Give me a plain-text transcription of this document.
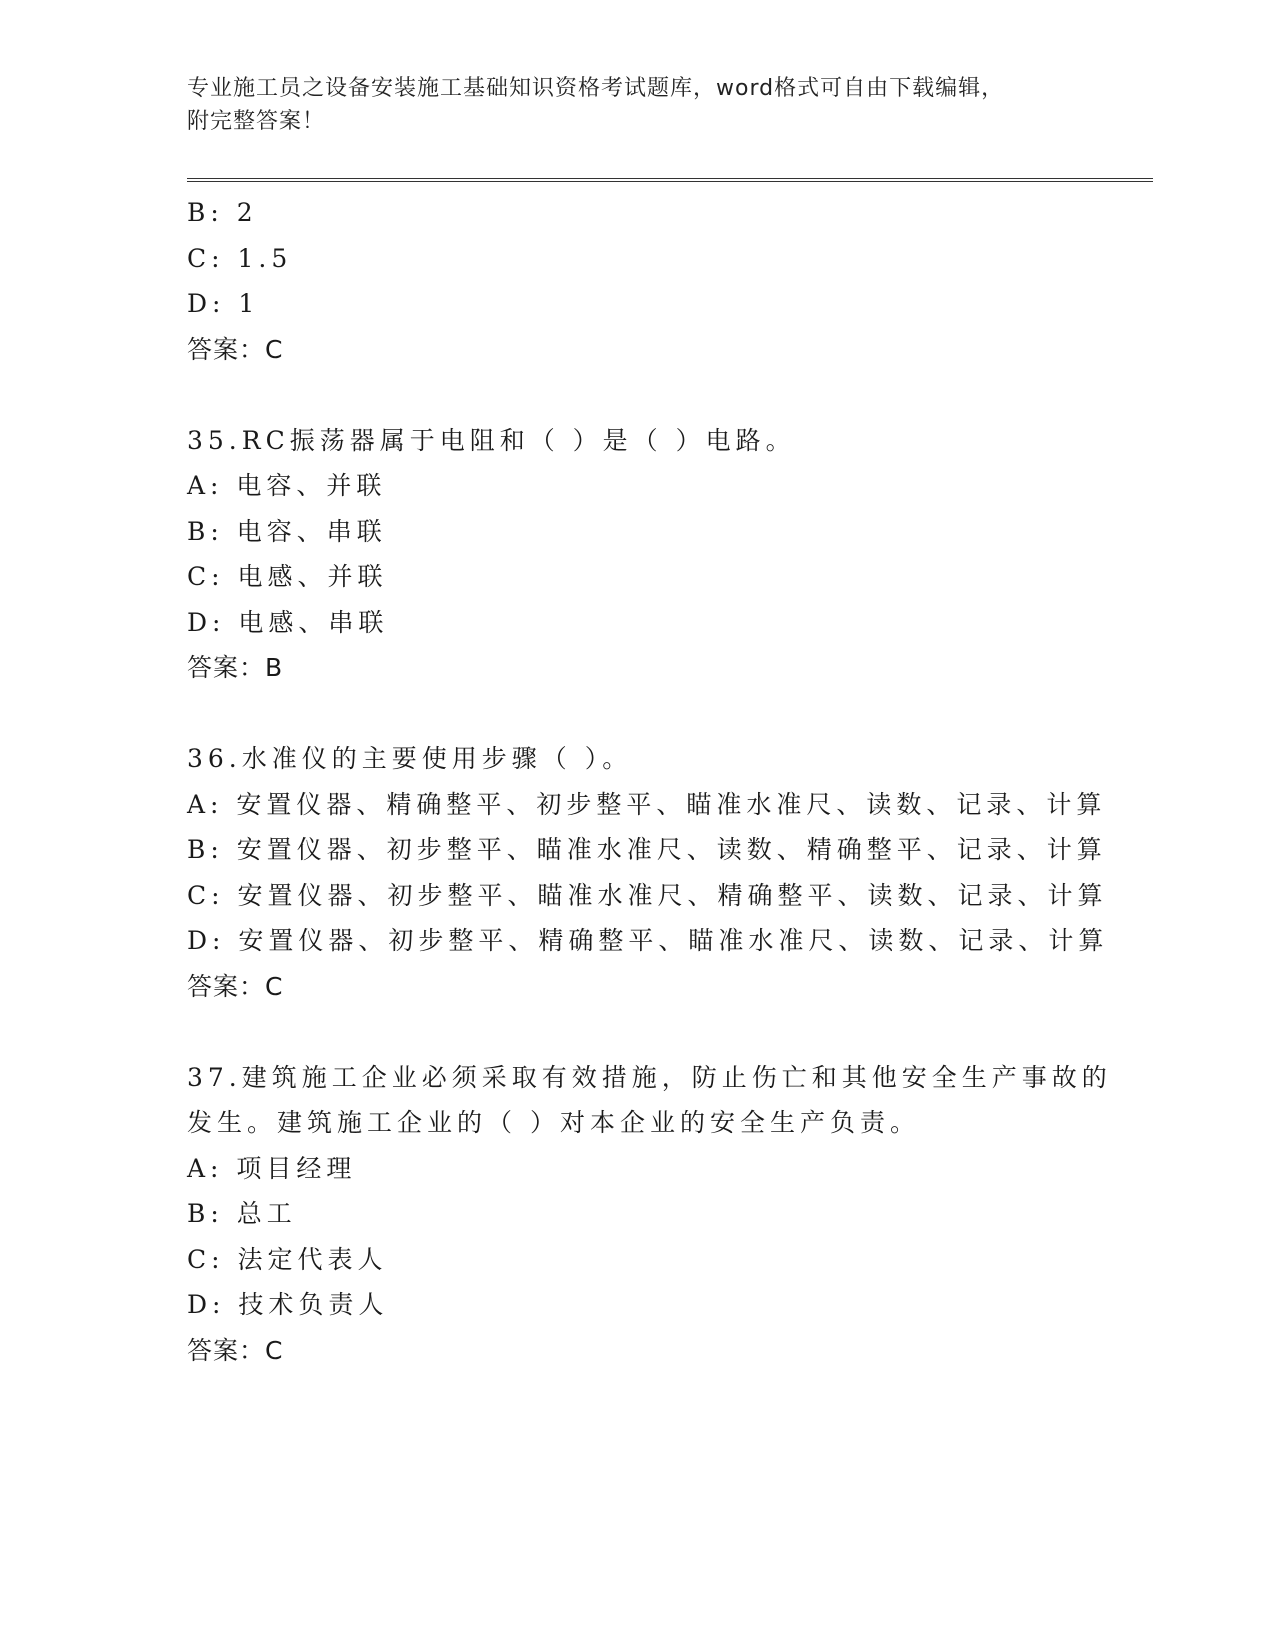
专业施工员之设备安装施工基础知识资格考试题库，word格式可自由下载编辑，
附完整答案！
B: 2
C: 1.5
D: 1
答案：C
35.RC振荡器属于电阻和（ ）是（ ）电路。
A: 电容、并联
B: 电容、串联
C: 电感、并联
D: 电感、串联
答案：B
36.水准仪的主要使用步骤（ ）。
A: 安置仪器、精确整平、初步整平、瞄准水准尺、读数、记录、计算
B: 安置仪器、初步整平、瞄准水准尺、读数、精确整平、记录、计算
C: 安置仪器、初步整平、瞄准水准尺、精确整平、读数、记录、计算
D: 安置仪器、初步整平、精确整平、瞄准水准尺、读数、记录、计算
答案：C
37.建筑施工企业必须采取有效措施，防止伤亡和其他安全生产事故的
发生。建筑施工企业的（ ）对本企业的安全生产负责。
A: 项目经理
B: 总工
C: 法定代表人
D: 技术负责人
答案：C
